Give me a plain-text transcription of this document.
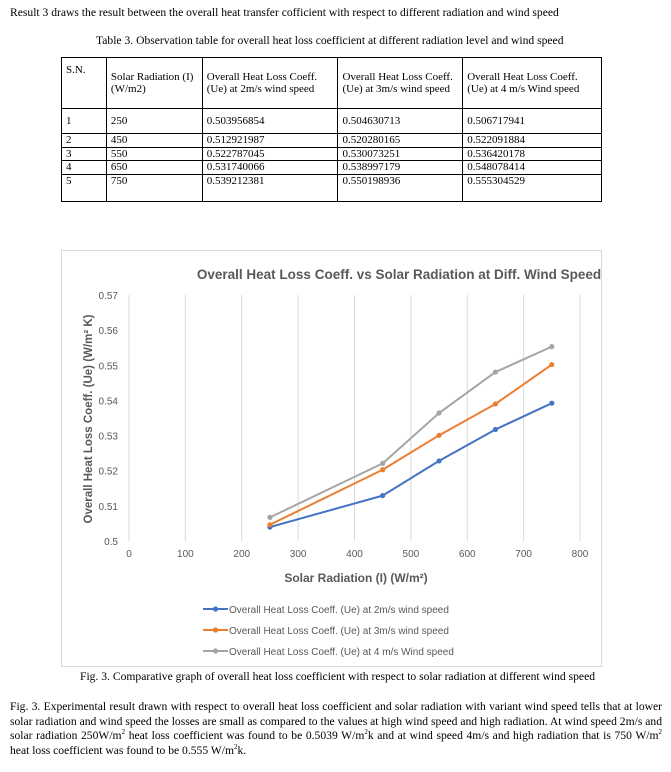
Result 3 draws the result between the overall heat transfer cofficient with respect to different radiation and wind speed
Table 3. Observation table for overall heat loss coefficient at different radiation level and wind speed
S.N.	Solar Radiation (I) (W/m2)	Overall Heat Loss Coeff. (Ue) at 2m/s wind speed	Overall Heat Loss Coeff. (Ue) at 3m/s wind speed	Overall Heat Loss Coeff. (Ue) at 4 m/s Wind speed
1	250	0.503956854	0.504630713	0.506717941
2	450	0.512921987	0.520280165	0.522091884
3	550	0.522787045	0.530073251	0.536420178
4	650	0.531740066	0.538997179	0.548078414
5	750	0.539212381	0.550198936	0.555304529
0.5
0.51
0.52
0.53
0.54
0.55
0.56
0.57
0	100	200	300	400	500	600	700	800
Overall Heat Loss Coeff. vs Solar Radiation at Diff. Wind Speed
Solar Radiation (I) (W/m²)
Overall Heat Loss Coeff. (Ue) (W/m² K)
Overall Heat Loss Coeff. (Ue) at 2m/s wind speed
Overall Heat Loss Coeff. (Ue) at 3m/s wind speed
Overall Heat Loss Coeff. (Ue) at 4 m/s Wind speed
Fig. 3. Comparative graph of overall heat loss coefficient with respect to solar radiation at different wind speed
Fig. 3. Experimental result drawn with respect to overall heat loss coefficient and solar radiation with variant wind speed tells that at lower solar radiation and wind speed the losses are small as compared to the values at high wind speed and high radiation. At wind speed 2m/s and solar radiation $250W/m^2$ heat loss coefficient was found to be 0.5039 $W/m^2k$ and at wind speed 4m/s and high radiation that is 750 $W/m^2$ heat loss coefficient was found to be 0.555 $W/m^2k$.
